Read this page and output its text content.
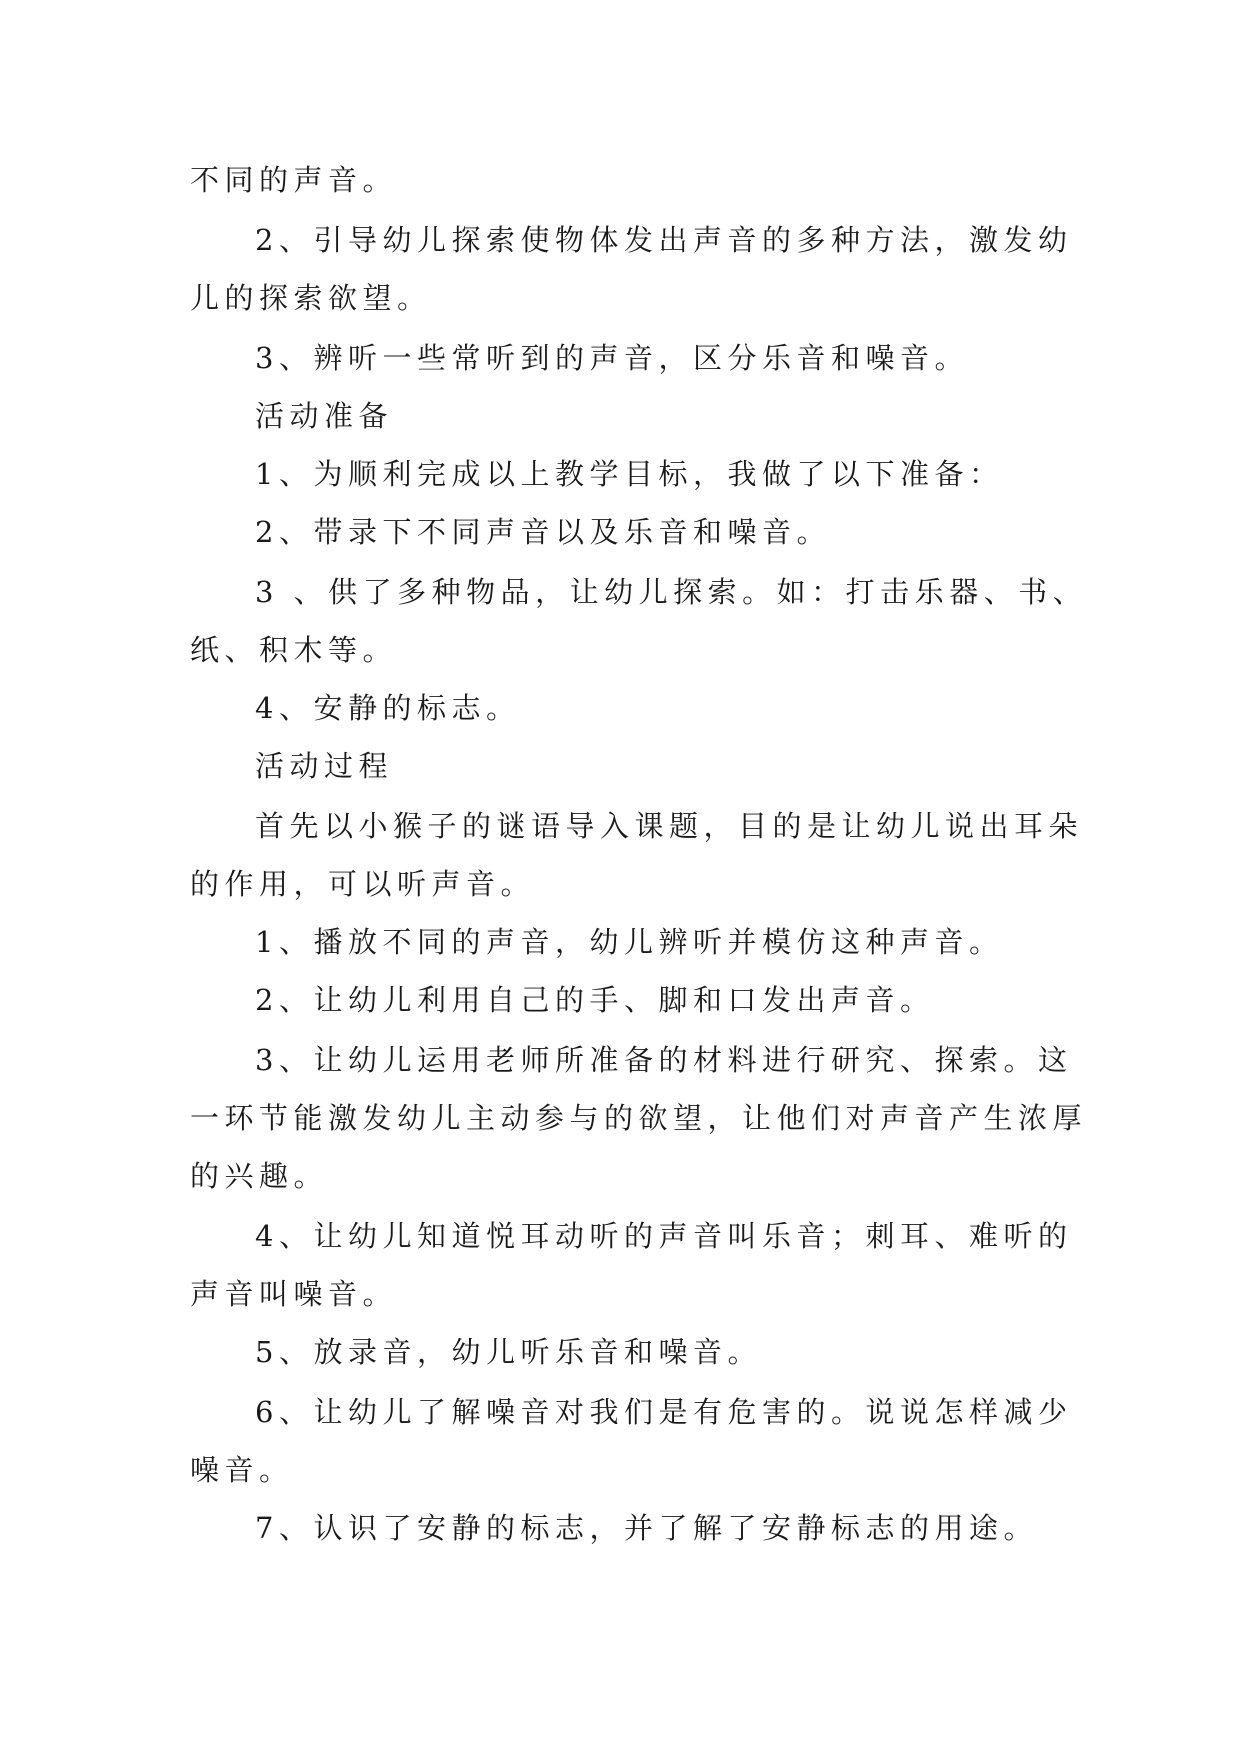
不同的声音。
2、引导幼儿探索使物体发出声音的多种方法，激发幼
儿的探索欲望。
3、辨听一些常听到的声音，区分乐音和噪音。
活动准备
1、为顺利完成以上教学目标，我做了以下准备：
2、带录下不同声音以及乐音和噪音。
3 、供了多种物品，让幼儿探索。如：打击乐器、书、
纸、积木等。
4、安静的标志。
活动过程
首先以小猴子的谜语导入课题，目的是让幼儿说出耳朵
的作用，可以听声音。
1、播放不同的声音，幼儿辨听并模仿这种声音。
2、让幼儿利用自己的手、脚和口发出声音。
3、让幼儿运用老师所准备的材料进行研究、探索。这
一环节能激发幼儿主动参与的欲望，让他们对声音产生浓厚
的兴趣。
4、让幼儿知道悦耳动听的声音叫乐音；刺耳、难听的
声音叫噪音。
5、放录音，幼儿听乐音和噪音。
6、让幼儿了解噪音对我们是有危害的。说说怎样减少
噪音。
7、认识了安静的标志，并了解了安静标志的用途。
